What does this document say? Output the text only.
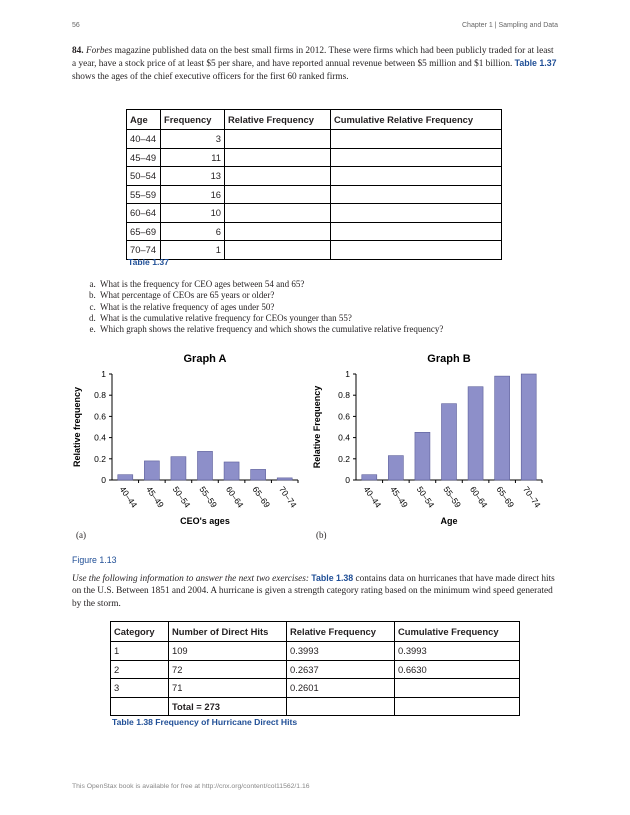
56	Chapter 1 | Sampling and Data
84. Forbes magazine published data on the best small firms in 2012. These were firms which had been publicly traded for at least a year, have a stock price of at least $5 per share, and have reported annual revenue between $5 million and $1 billion. Table 1.37 shows the ages of the chief executive officers for the first 60 ranked firms.
Age	Frequency	Relative Frequency	Cumulative Relative Frequency
40–44	3		
45–49	11		
50–54	13		
55–59	16		
60–64	10		
65–69	6		
70–74	1		
Table 1.37
a. What is the frequency for CEO ages between 54 and 65?
b. What percentage of CEOs are 65 years or older?
c. What is the relative frequency of ages under 50?
d. What is the cumulative relative frequency for CEOs younger than 55?
e. Which graph shows the relative frequency and which shows the cumulative relative frequency?
Graph A
0
0.2
0.4
0.6
0.8
1
40–44 45–49 50–54 55–59 60–64 65–69 70–74
CEO's ages
Relative frequency
Graph B
0
0.2
0.4
0.6
0.8
1
40–44 45–49 50–54 55–59 60–64 65–69 70–74
Age
Relative Frequency
(a)	(b)
Figure 1.13
Use the following information to answer the next two exercises: Table 1.38 contains data on hurricanes that have made direct hits on the U.S. Between 1851 and 2004. A hurricane is given a strength category rating based on the minimum wind speed generated by the storm.
Category	Number of Direct Hits	Relative Frequency	Cumulative Frequency
1	109	0.3993	0.3993
2	72	0.2637	0.6630
3	71	0.2601	
	Total = 273		
Table 1.38 Frequency of Hurricane Direct Hits
This OpenStax book is available for free at http://cnx.org/content/col11562/1.16
